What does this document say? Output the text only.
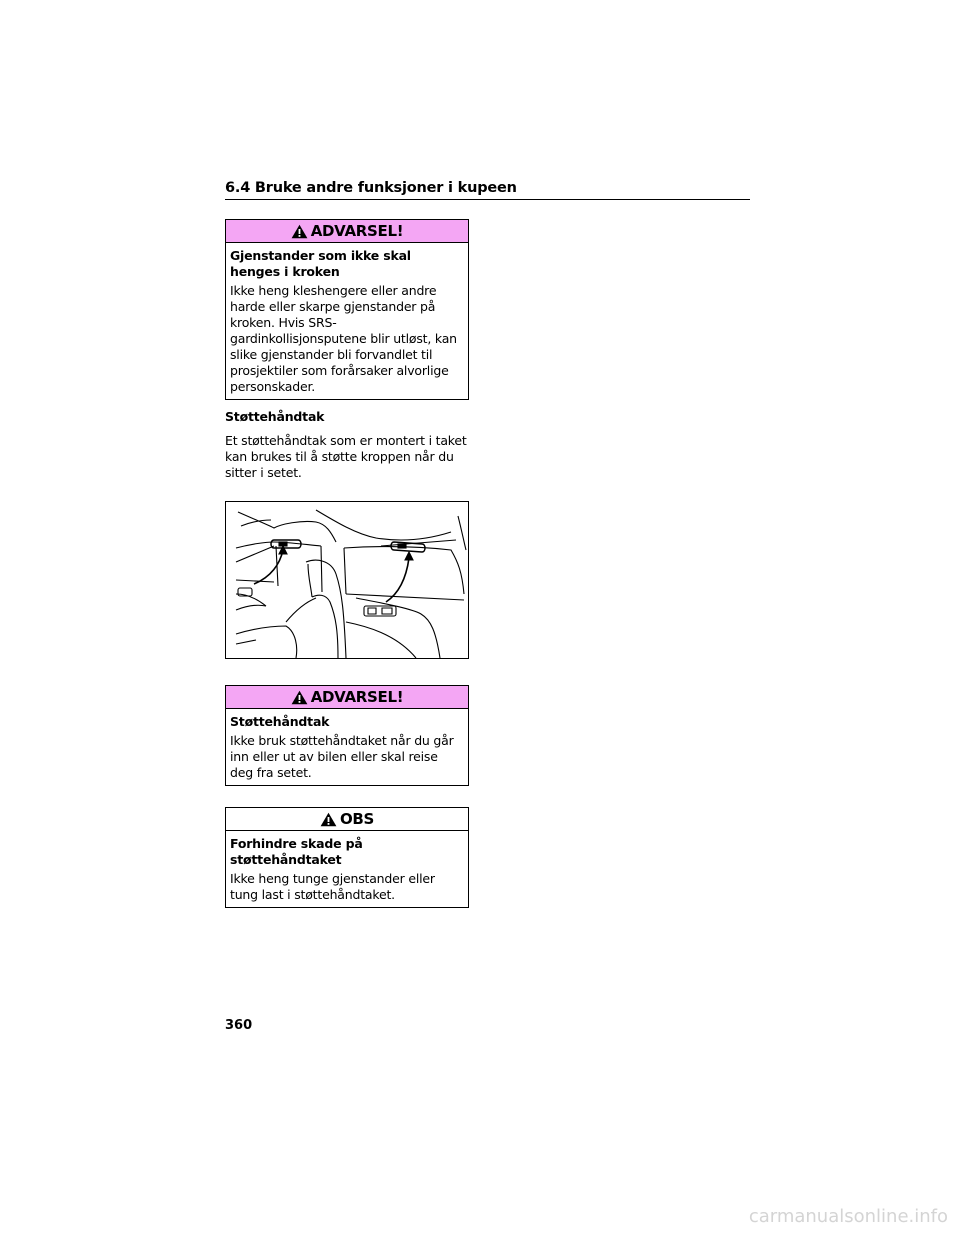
6.4 Bruke andre funksjoner i kupeen
ADVARSEL!

Gjenstander som ikke skal henges i kroken

Ikke heng kleshengere eller andre harde eller skarpe gjenstander på kroken. Hvis SRS-gardinkollisjonsputene blir utløst, kan slike gjenstander bli forvandlet til prosjektiler som forårsaker alvorlige personskader.

Støttehåndtak

Et støttehåndtak som er montert i taket kan brukes til å støtte kroppen når du sitter i setet.

ADVARSEL!

Støttehåndtak

Ikke bruk støttehåndtaket når du går inn eller ut av bilen eller skal reise deg fra setet.

OBS

Forhindre skade på støttehåndtaket

Ikke heng tunge gjenstander eller tung last i støttehåndtaket.

360
carmanualsonline.info
